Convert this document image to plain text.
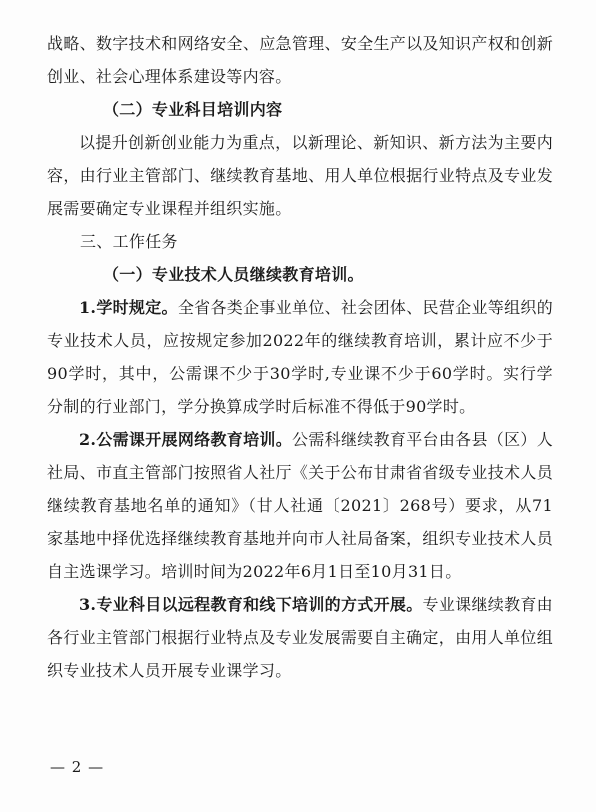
战略、数字技术和网络安全、应急管理、安全生产以及知识产权和创新创业、社会心理体系建设等内容。

（二）专业科目培训内容

以提升创新创业能力为重点，以新理论、新知识、新方法为主要内容，由行业主管部门、继续教育基地、用人单位根据行业特点及专业发展需要确定专业课程并组织实施。

三、工作任务

（一）专业技术人员继续教育培训。

1.学时规定。全省各类企事业单位、社会团体、民营企业等组织的专业技术人员，应按规定参加2022年的继续教育培训，累计应不少于90学时，其中，公需课不少于30学时,专业课不少于60学时。实行学分制的行业部门，学分换算成学时后标准不得低于90学时。

2.公需课开展网络教育培训。公需科继续教育平台由各县（区）人社局、市直主管部门按照省人社厅《关于公布甘肃省省级专业技术人员继续教育基地名单的通知》（甘人社通〔2021〕268号）要求，从71家基地中择优选择继续教育基地并向市人社局备案，组织专业技术人员自主选课学习。培训时间为2022年6月1日至10月31日。

3.专业科目以远程教育和线下培训的方式开展。专业课继续教育由各行业主管部门根据行业特点及专业发展需要自主确定，由用人单位组织专业技术人员开展专业课学习。

— 2 —
